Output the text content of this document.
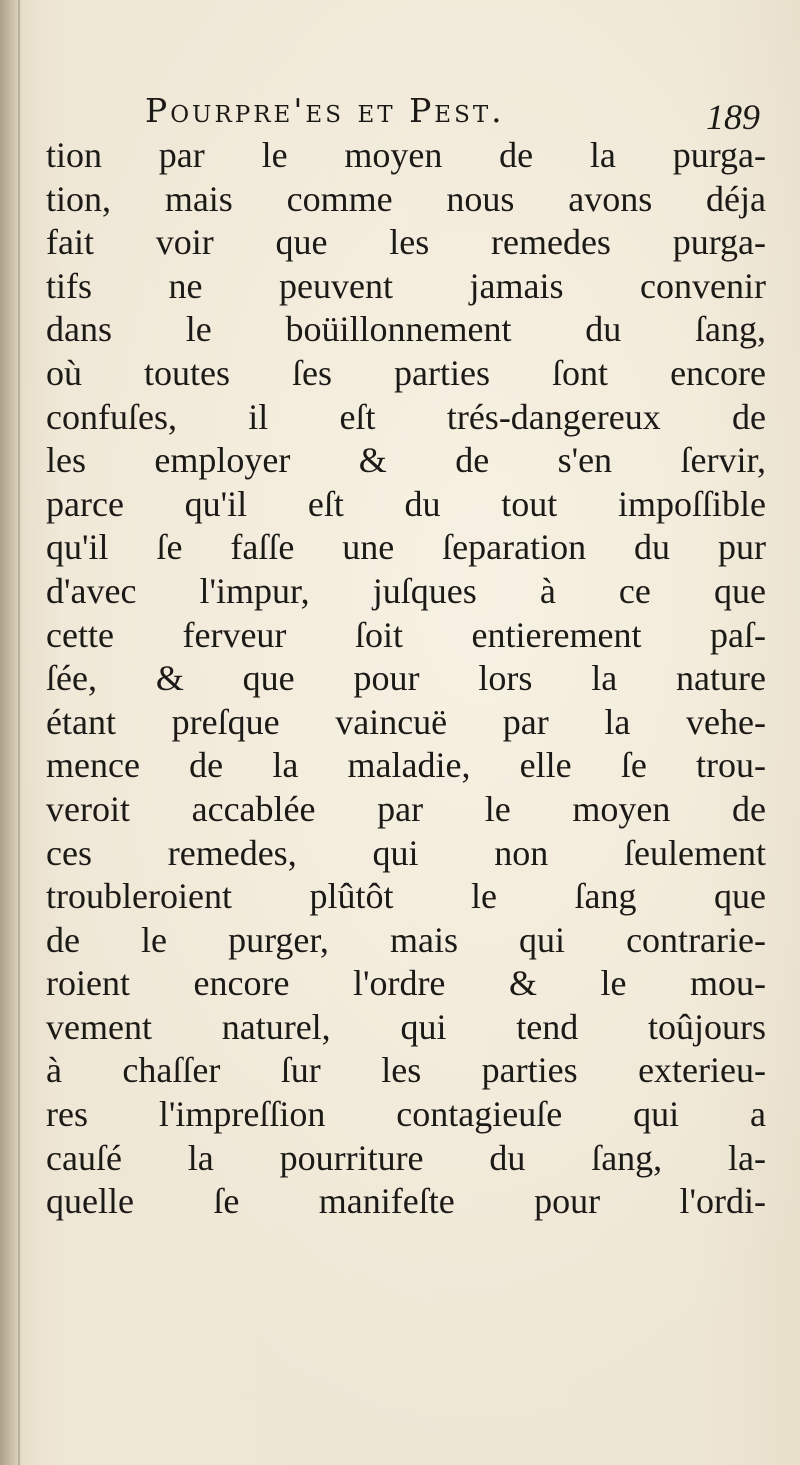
Pourpre'es et Pest.	189
tion par le moyen de la purga-
tion, mais comme nous avons déja
fait voir que les remedes purga-
tifs ne peuvent jamais convenir
dans le boüillonnement du ſang,
où toutes ſes parties ſont encore
confuſes, il eſt trés-dangereux de
les employer & de s'en ſervir,
parce qu'il eſt du tout impoſſible
qu'il ſe faſſe une ſeparation du pur
d'avec l'impur, juſques à ce que
cette ferveur ſoit entierement paſ-
ſée, & que pour lors la nature
étant preſque vaincuë par la vehe-
mence de la maladie, elle ſe trou-
veroit accablée par le moyen de
ces remedes, qui non ſeulement
troubleroient plûtôt le ſang que
de le purger, mais qui contrarie-
roient encore l'ordre & le mou-
vement naturel, qui tend toûjours
à chaſſer ſur les parties exterieu-
res l'impreſſion contagieuſe qui a
cauſé la pourriture du ſang, la-
quelle ſe manifeſte pour l'ordi-
